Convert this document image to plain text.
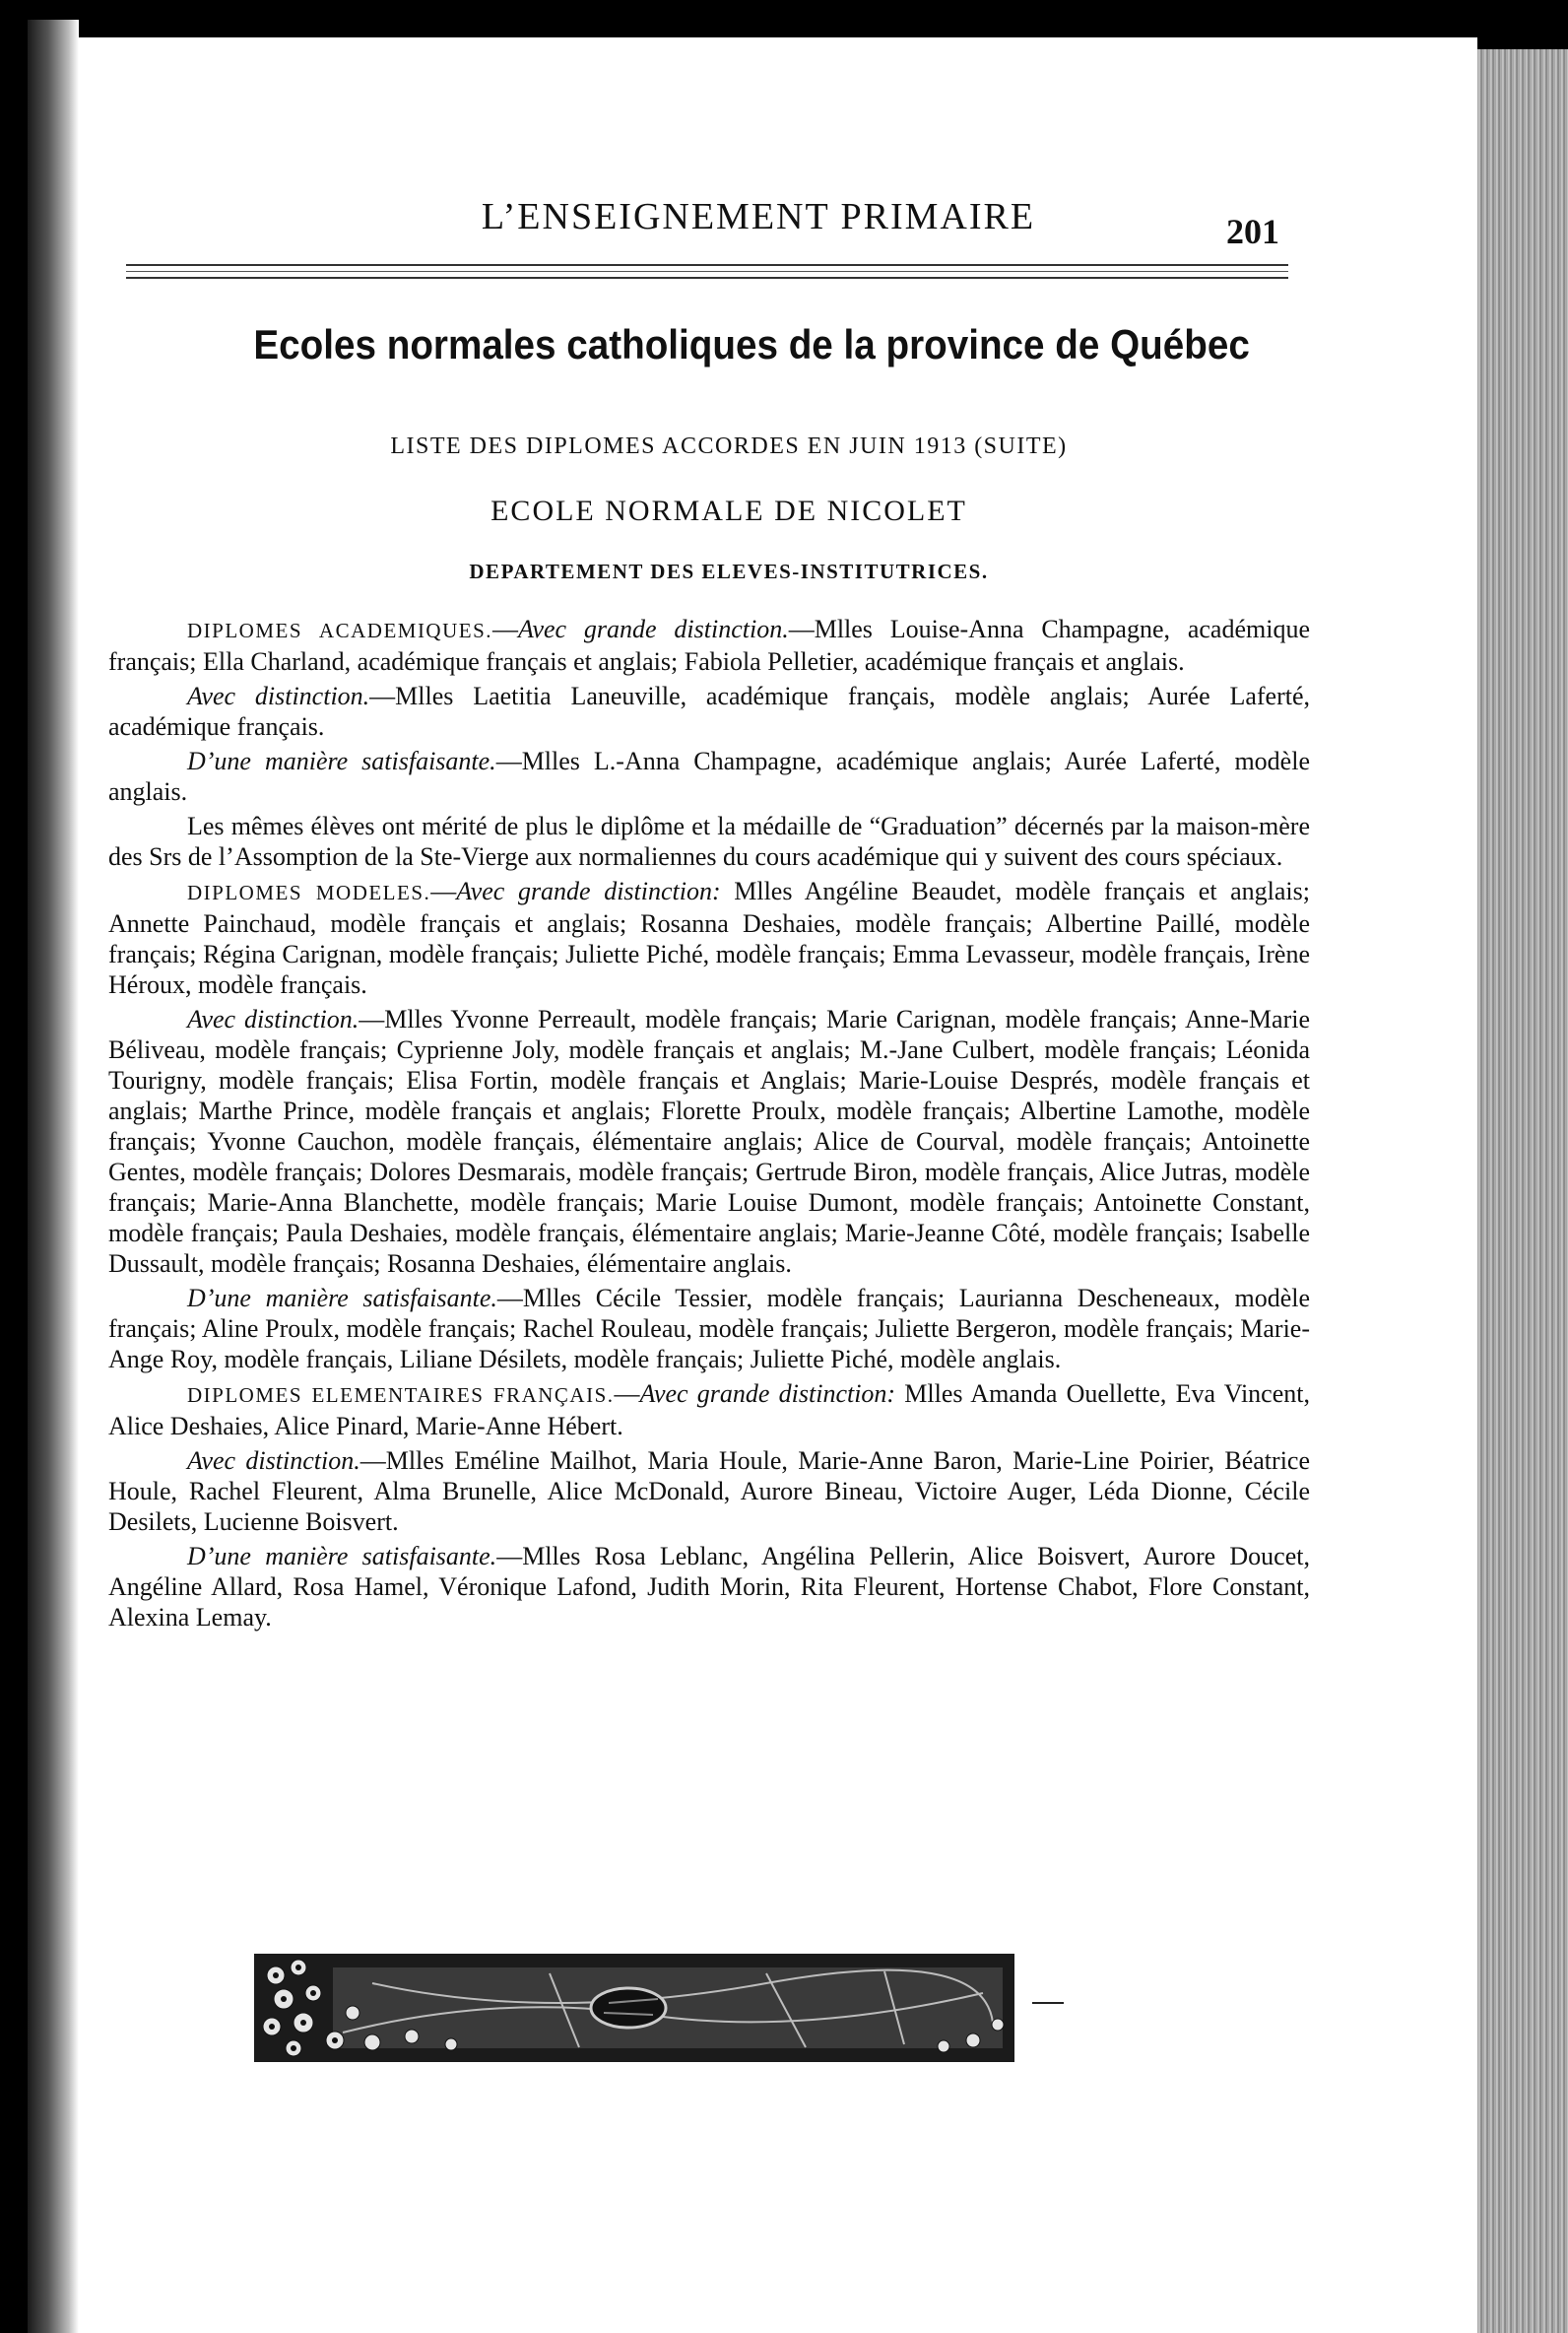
L’ENSEIGNEMENT PRIMAIRE	201
Ecoles normales catholiques de la province de Québec
LISTE DES DIPLOMES ACCORDES EN JUIN 1913 (SUITE)
ECOLE NORMALE DE NICOLET
DEPARTEMENT DES ELEVES-INSTITUTRICES.

DIPLOMES ACADEMIQUES.—Avec grande distinction.—Mlles Louise-Anna Champagne, académique français; Ella Charland, académique français et anglais; Fabiola Pelletier, académique français et anglais.

Avec distinction.—Mlles Laetitia Laneuville, académique français, modèle anglais; Aurée Laferté, académique français.

D’une manière satisfaisante.—Mlles L.-Anna Champagne, académique anglais; Aurée Laferté, modèle anglais.

Les mêmes élèves ont mérité de plus le diplôme et la médaille de “Graduation” décernés par la maison-mère des Srs de l’Assomption de la Ste-Vierge aux normaliennes du cours académique qui y suivent des cours spéciaux.

DIPLOMES MODELES.—Avec grande distinction: Mlles Angéline Beaudet, modèle français et anglais; Annette Painchaud, modèle français et anglais; Rosanna Deshaies, modèle français; Albertine Paillé, modèle français; Régina Carignan, modèle français; Juliette Piché, modèle français; Emma Levasseur, modèle français, Irène Héroux, modèle français.

Avec distinction.—Mlles Yvonne Perreault, modèle français; Marie Carignan, modèle français; Anne-Marie Béliveau, modèle français; Cyprienne Joly, modèle français et anglais; M.-Jane Culbert, modèle français; Léonida Tourigny, modèle français; Elisa Fortin, modèle français et Anglais; Marie-Louise Després, modèle français et anglais; Marthe Prince, modèle français et anglais; Florette Proulx, modèle français; Albertine Lamothe, modèle français; Yvonne Cauchon, modèle français, élémentaire anglais; Alice de Courval, modèle français; Antoinette Gentes, modèle français; Dolores Desmarais, modèle français; Gertrude Biron, modèle français, Alice Jutras, modèle français; Marie-Anna Blanchette, modèle français; Marie Louise Dumont, modèle français; Antoinette Constant, modèle français; Paula Deshaies, modèle français, élémentaire anglais; Marie-Jeanne Côté, modèle français; Isabelle Dussault, modèle français; Rosanna Deshaies, élémentaire anglais.

D’une manière satisfaisante.—Mlles Cécile Tessier, modèle français; Laurianna Descheneaux, modèle français; Aline Proulx, modèle français; Rachel Rouleau, modèle français; Juliette Bergeron, modèle français; Marie-Ange Roy, modèle français, Liliane Désilets, modèle français; Juliette Piché, modèle anglais.

DIPLOMES ELEMENTAIRES FRANÇAIS.—Avec grande distinction: Mlles Amanda Ouellette, Eva Vincent, Alice Deshaies, Alice Pinard, Marie-Anne Hébert.

Avec distinction.—Mlles Eméline Mailhot, Maria Houle, Marie-Anne Baron, Marie-Line Poirier, Béatrice Houle, Rachel Fleurent, Alma Brunelle, Alice McDonald, Aurore Bineau, Victoire Auger, Léda Dionne, Cécile Desilets, Lucienne Boisvert.

D’une manière satisfaisante.—Mlles Rosa Leblanc, Angélina Pellerin, Alice Boisvert, Aurore Doucet, Angéline Allard, Rosa Hamel, Véronique Lafond, Judith Morin, Rita Fleurent, Hortense Chabot, Flore Constant, Alexina Lemay.
